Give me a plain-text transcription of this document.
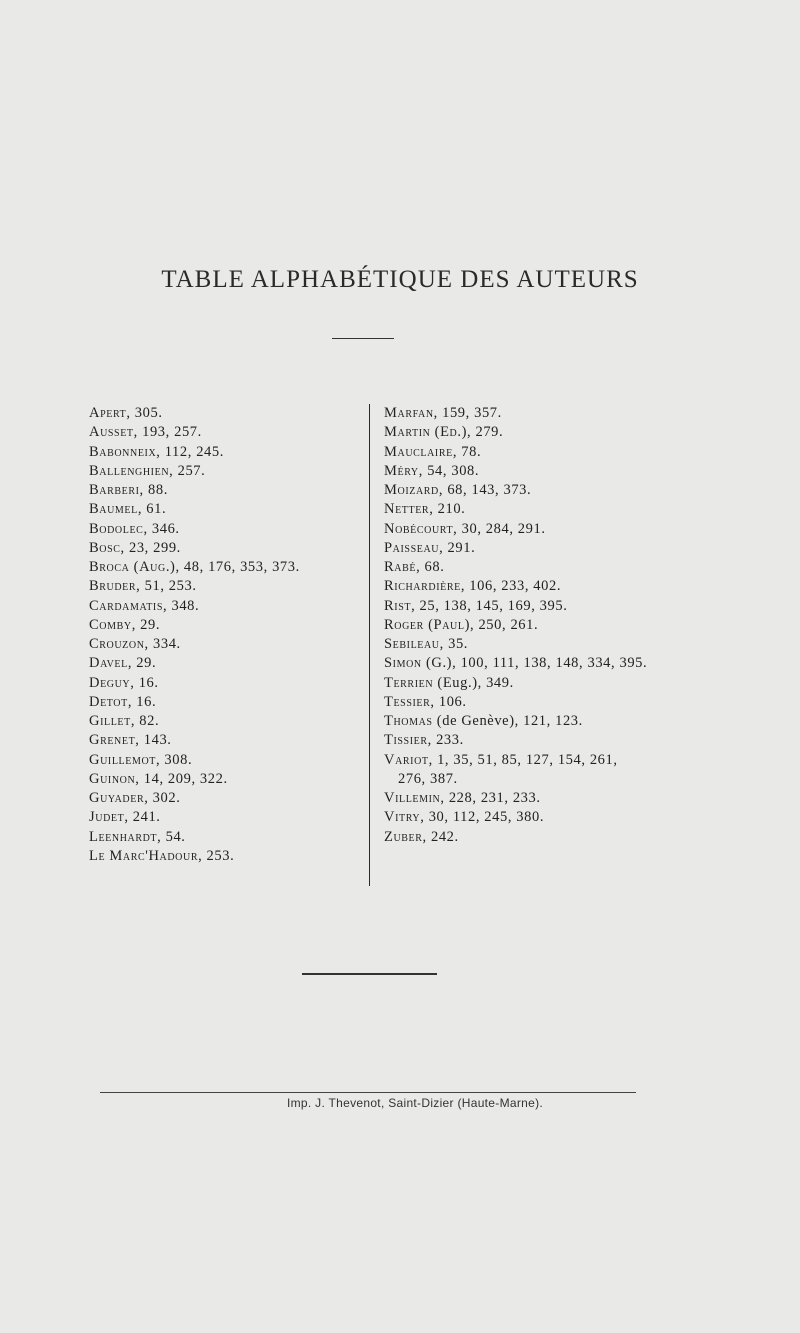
TABLE ALPHABÉTIQUE DES AUTEURS
Apert, 305.
Ausset, 193, 257.
Babonneix, 112, 245.
Ballenghien, 257.
Barberi, 88.
Baumel, 61.
Bodolec, 346.
Bosc, 23, 299.
Broca (Aug.), 48, 176, 353, 373.
Bruder, 51, 253.
Cardamatis, 348.
Comby, 29.
Crouzon, 334.
Davel, 29.
Deguy, 16.
Detot, 16.
Gillet, 82.
Grenet, 143.
Guillemot, 308.
Guinon, 14, 209, 322.
Guyader, 302.
Judet, 241.
Leenhardt, 54.
Le Marc'Hadour, 253.
Marfan, 159, 357.
Martin (Ed.), 279.
Mauclaire, 78.
Méry, 54, 308.
Moizard, 68, 143, 373.
Netter, 210.
Nobécourt, 30, 284, 291.
Paisseau, 291.
Rabé, 68.
Richardière, 106, 233, 402.
Rist, 25, 138, 145, 169, 395.
Roger (Paul), 250, 261.
Sebileau, 35.
Simon (G.), 100, 111, 138, 148, 334, 395.
Terrien (Eug.), 349.
Tessier, 106.
Thomas (de Genève), 121, 123.
Tissier, 233.
Variot, 1, 35, 51, 85, 127, 154, 261,
276, 387.
Villemin, 228, 231, 233.
Vitry, 30, 112, 245, 380.
Zuber, 242.
Imp. J. Thevenot, Saint-Dizier (Haute-Marne).
